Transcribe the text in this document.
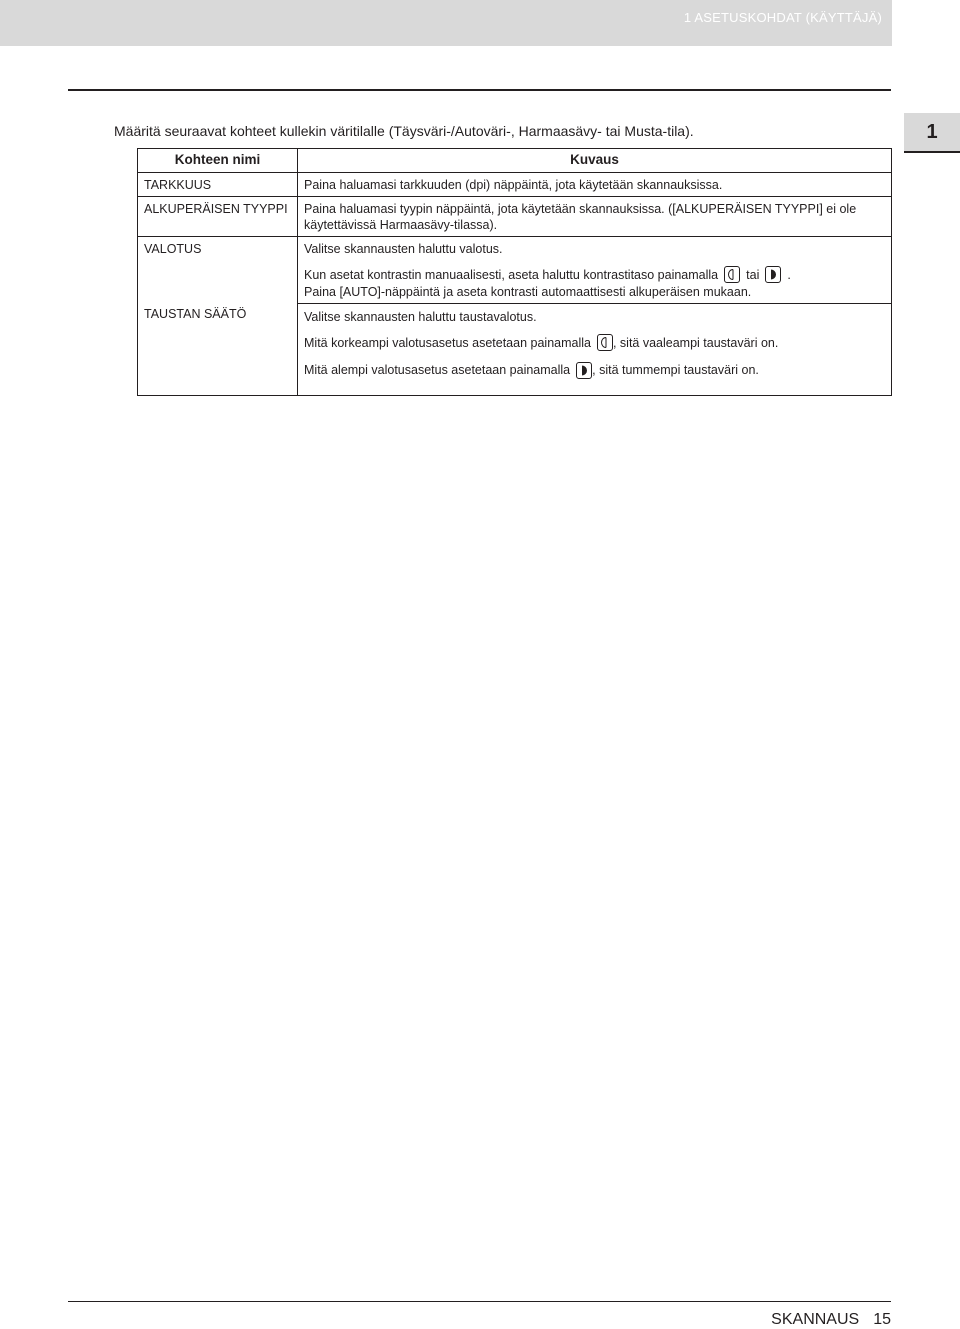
1 ASETUSKOHDAT (KÄYTTÄJÄ)
1
Määritä seuraavat kohteet kullekin väritilalle (Täysväri-/Autoväri-, Harmaasävy- tai Musta-tila).
Kohteen nimi	Kuvaus
TARKKUUS	Paina haluamasi tarkkuuden (dpi) näppäintä, jota käytetään skannauksissa.
ALKUPERÄISEN TYYPPI	Paina haluamasi tyypin näppäintä, jota käytetään skannauksissa. ([ALKUPERÄISEN TYYPPI] ei ole käytettävissä Harmaasävy-tilassa).
VALOTUS	Valitse skannausten haluttu valotus.
Kun asetat kontrastin manuaalisesti, aseta haluttu kontrastitaso painamalla tai .
Paina [AUTO]-näppäintä ja aseta kontrasti automaattisesti alkuperäisen mukaan.

TAUSTAN SÄÄTÖ	Valitse skannausten haluttu taustavalotus.
Mitä korkeampi valotusasetus asetetaan painamalla , sitä vaaleampi taustaväri on.
Mitä alempi valotusasetus asetetaan painamalla , sitä tummempi taustaväri on.
SKANNAUS 15
